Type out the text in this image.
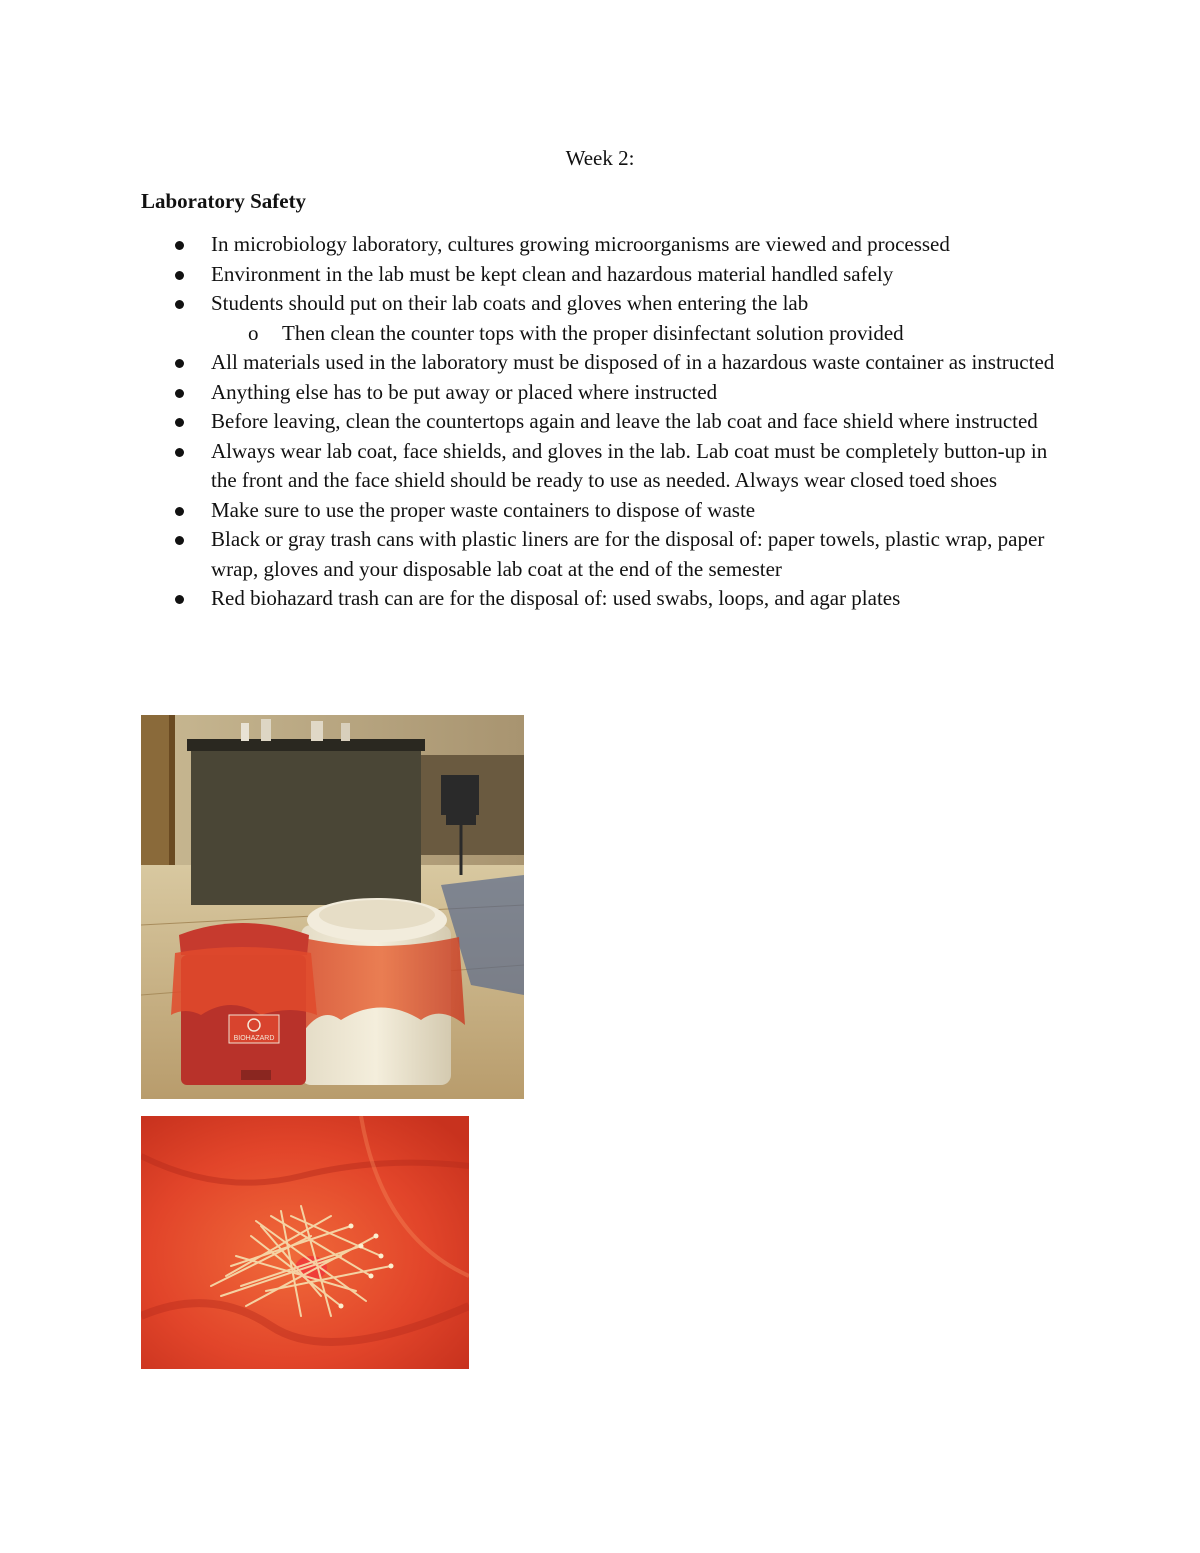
Week 2:
Laboratory Safety
In microbiology laboratory, cultures growing microorganisms are viewed and processed
Environment in the lab must be kept clean and hazardous material handled safely
Students should put on their lab coats and gloves when entering the lab
o Then clean the counter tops with the proper disinfectant solution provided
All materials used in the laboratory must be disposed of in a hazardous waste container as instructed
Anything else has to be put away or placed where instructed
Before leaving, clean the countertops again and leave the lab coat and face shield where instructed
Always wear lab coat, face shields, and gloves in the lab. Lab coat must be completely button-up in the front and the face shield should be ready to use as needed. Always wear closed toed shoes
Make sure to use the proper waste containers to dispose of waste
Black or gray trash cans with plastic liners are for the disposal of: paper towels, plastic wrap, paper wrap, gloves and your disposable lab coat at the end of the semester
Red biohazard trash can are for the disposal of: used swabs, loops, and agar plates
BIOHAZARD
